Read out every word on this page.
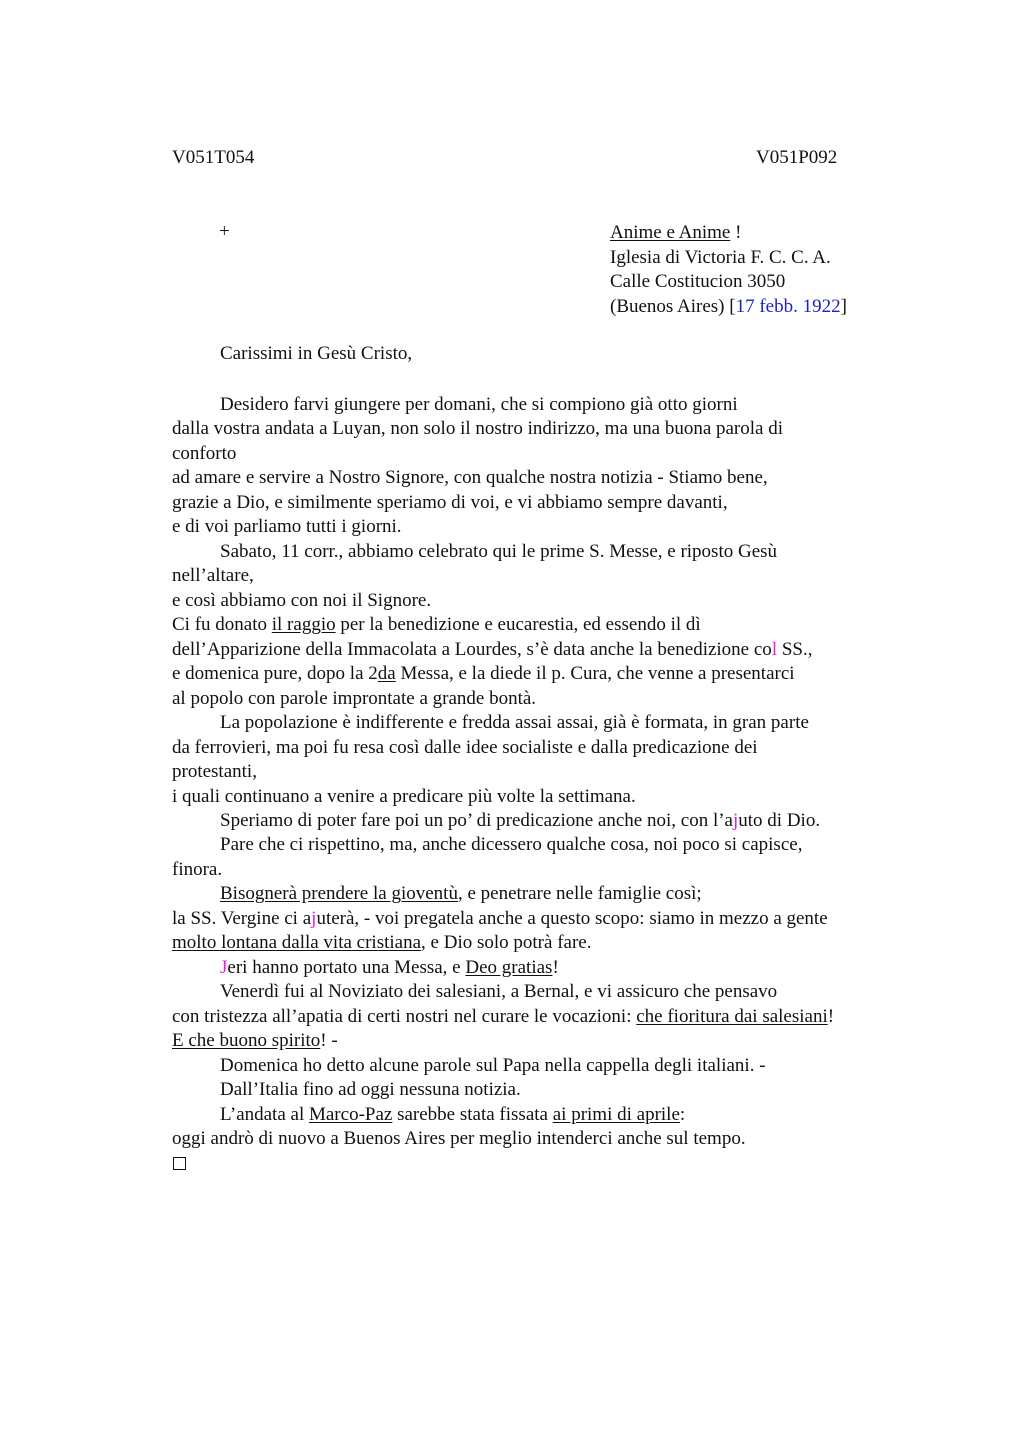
V051T054	V051P092
+	Anime e Anime !
Iglesia di Victoria F. C. C. A.
Calle Costitucion 3050
(Buenos Aires) [17 febb. 1922]
Carissimi in Gesù Cristo,
Desidero farvi giungere per domani, che si compiono già otto giorni
dalla vostra andata a Luyan, non solo il nostro indirizzo, ma una buona parola di
conforto
ad amare e servire a Nostro Signore, con qualche nostra notizia - Stiamo bene,
grazie a Dio, e similmente speriamo di voi, e vi abbiamo sempre davanti,
e di voi parliamo tutti i giorni.
Sabato, 11 corr., abbiamo celebrato qui le prime S. Messe, e riposto Gesù
nell’altare,
e così abbiamo con noi il Signore.
Ci fu donato il raggio per la benedizione e eucarestia, ed essendo il dì
dell’Apparizione della Immacolata a Lourdes, s’è data anche la benedizione col SS.,
e domenica pure, dopo la 2da Messa, e la diede il p. Cura, che venne a presentarci
al popolo con parole improntate a grande bontà.
La popolazione è indifferente e fredda assai assai, già è formata, in gran parte
da ferrovieri, ma poi fu resa così dalle idee socialiste e dalla predicazione dei
protestanti,
i quali continuano a venire a predicare più volte la settimana.
Speriamo di poter fare poi un po’ di predicazione anche noi, con l’ajuto di Dio.
Pare che ci rispettino, ma, anche dicessero qualche cosa, noi poco si capisce,
finora.
Bisognerà prendere la gioventù, e penetrare nelle famiglie così;
la SS. Vergine ci ajuterà, - voi pregatela anche a questo scopo: siamo in mezzo a gente
molto lontana dalla vita cristiana, e Dio solo potrà fare.
Jeri hanno portato una Messa, e Deo gratias!
Venerdì fui al Noviziato dei salesiani, a Bernal, e vi assicuro che pensavo
con tristezza all’apatia di certi nostri nel curare le vocazioni: che fioritura dai salesiani!
E che buono spirito! -
Domenica ho detto alcune parole sul Papa nella cappella degli italiani. -
Dall’Italia fino ad oggi nessuna notizia.
L’andata al Marco-Paz sarebbe stata fissata ai primi di aprile:
oggi andrò di nuovo a Buenos Aires per meglio intenderci anche sul tempo.
